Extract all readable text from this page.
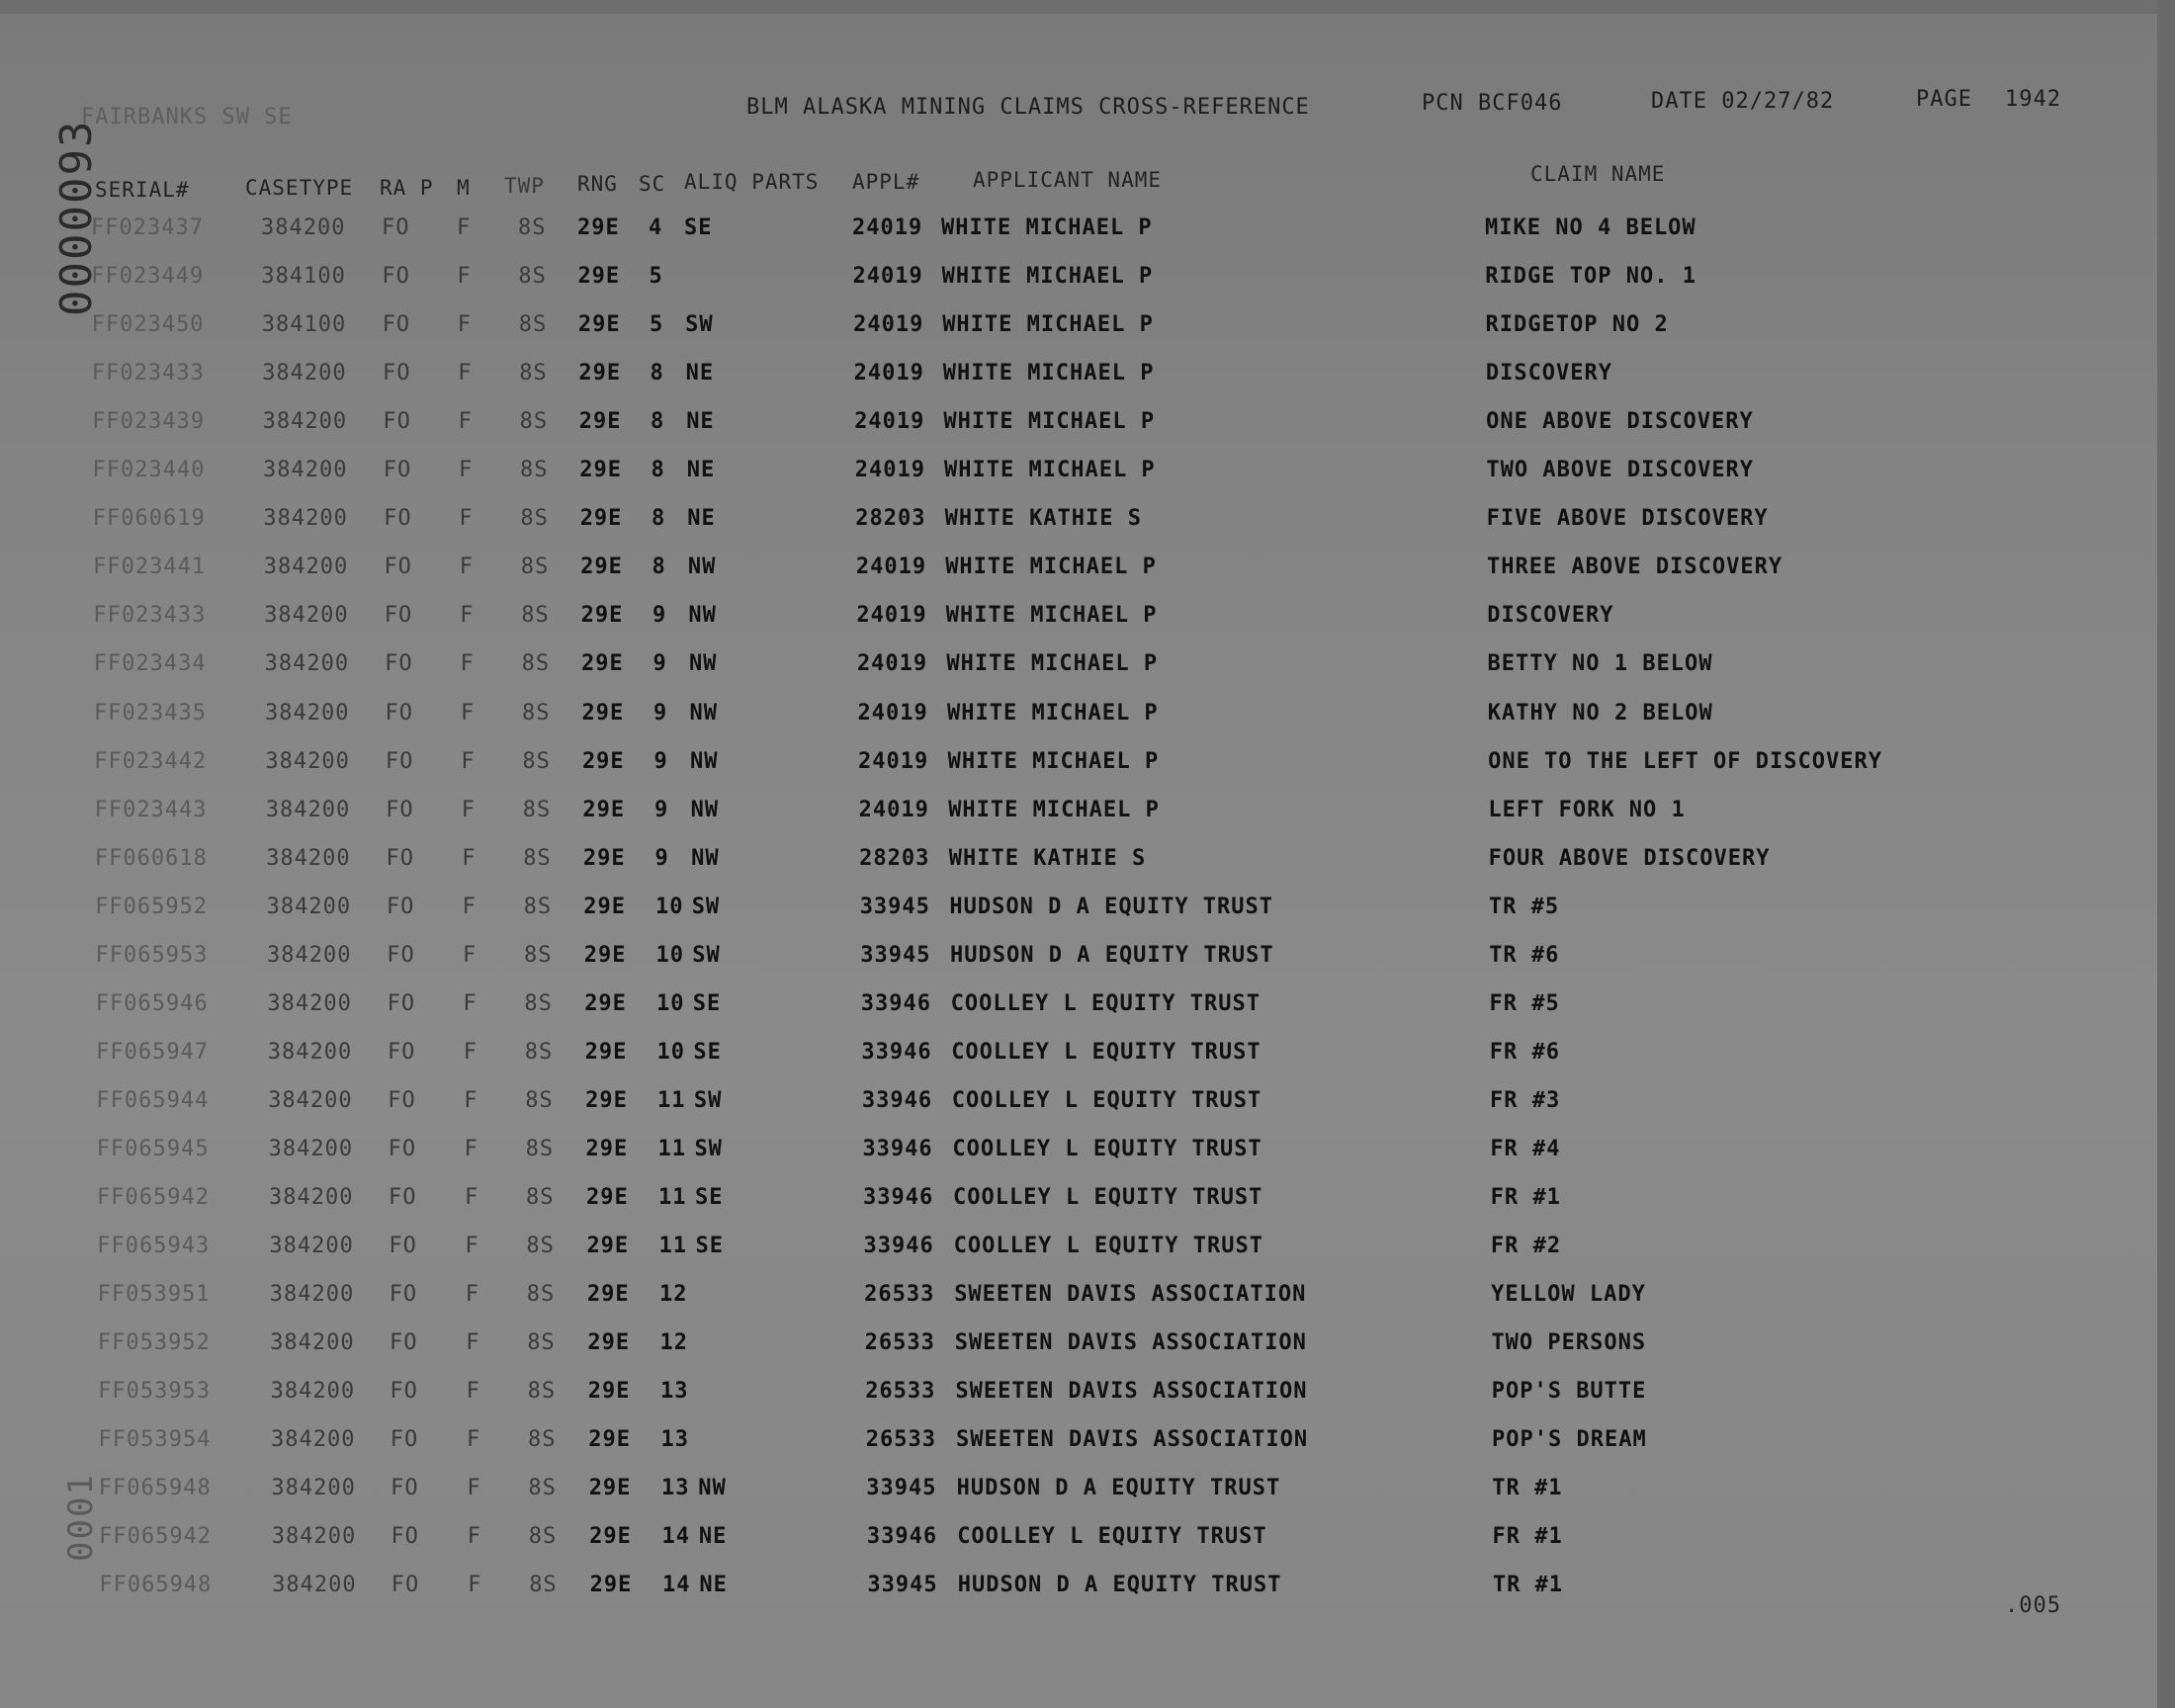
FAIRBANKS SW SE	BLM ALASKA MINING CLAIMS CROSS-REFERENCE	PCN BCF046	DATE 02/27/82	PAGE 1942
SERIAL#	CASETYPE RA P M TWP RNG SC ALIQ PARTS APPL#	APPLICANT NAME	CLAIM NAME
FF023437	384200 FO F 8S 29E 4 SE	24019 WHITE MICHAEL P	MIKE NO 4 BELOW
FF023449	384100 FO F 8S 29E 5	24019 WHITE MICHAEL P	RIDGE TOP NO. 1
FF023450	384100 FO F 8S 29E 5 SW	24019 WHITE MICHAEL P	RIDGETOP NO 2
FF023433	384200 FO F 8S 29E 8 NE	24019 WHITE MICHAEL P	DISCOVERY
FF023439	384200 FO F 8S 29E 8 NE	24019 WHITE MICHAEL P	ONE ABOVE DISCOVERY
FF023440	384200 FO F 8S 29E 8 NE	24019 WHITE MICHAEL P	TWO ABOVE DISCOVERY
FF060619	384200 FO F 8S 29E 8 NE	28203 WHITE KATHIE S	FIVE ABOVE DISCOVERY
FF023441	384200 FO F 8S 29E 8 NW	24019 WHITE MICHAEL P	THREE ABOVE DISCOVERY
FF023433	384200 FO F 8S 29E 9 NW	24019 WHITE MICHAEL P	DISCOVERY
FF023434	384200 FO F 8S 29E 9 NW	24019 WHITE MICHAEL P	BETTY NO 1 BELOW
FF023435	384200 FO F 8S 29E 9 NW	24019 WHITE MICHAEL P	KATHY NO 2 BELOW
FF023442	384200 FO F 8S 29E 9 NW	24019 WHITE MICHAEL P	ONE TO THE LEFT OF DISCOVERY
FF023443	384200 FO F 8S 29E 9 NW	24019 WHITE MICHAEL P	LEFT FORK NO 1
FF060618	384200 FO F 8S 29E 9 NW	28203 WHITE KATHIE S	FOUR ABOVE DISCOVERY
FF065952	384200 FO F 8S 29E 10 SW	33945 HUDSON D A EQUITY TRUST	TR #5
FF065953	384200 FO F 8S 29E 10 SW	33945 HUDSON D A EQUITY TRUST	TR #6
FF065946	384200 FO F 8S 29E 10 SE	33946 COOLLEY L EQUITY TRUST	FR #5
FF065947	384200 FO F 8S 29E 10 SE	33946 COOLLEY L EQUITY TRUST	FR #6
FF065944	384200 FO F 8S 29E 11 SW	33946 COOLLEY L EQUITY TRUST	FR #3
FF065945	384200 FO F 8S 29E 11 SW	33946 COOLLEY L EQUITY TRUST	FR #4
FF065942	384200 FO F 8S 29E 11 SE	33946 COOLLEY L EQUITY TRUST	FR #1
FF065943	384200 FO F 8S 29E 11 SE	33946 COOLLEY L EQUITY TRUST	FR #2
FF053951	384200 FO F 8S 29E 12	26533 SWEETEN DAVIS ASSOCIATION	YELLOW LADY
FF053952	384200 FO F 8S 29E 12	26533 SWEETEN DAVIS ASSOCIATION	TWO PERSONS
FF053953	384200 FO F 8S 29E 13	26533 SWEETEN DAVIS ASSOCIATION	POP'S BUTTE
FF053954	384200 FO F 8S 29E 13	26533 SWEETEN DAVIS ASSOCIATION	POP'S DREAM
FF065948	384200 FO F 8S 29E 13 NW	33945 HUDSON D A EQUITY TRUST	TR #1
FF065942	384200 FO F 8S 29E 14 NE	33946 COOLLEY L EQUITY TRUST	FR #1
FF065948	384200 FO F 8S 29E 14 NE	33945 HUDSON D A EQUITY TRUST	TR #1
0000093
0001
.005
